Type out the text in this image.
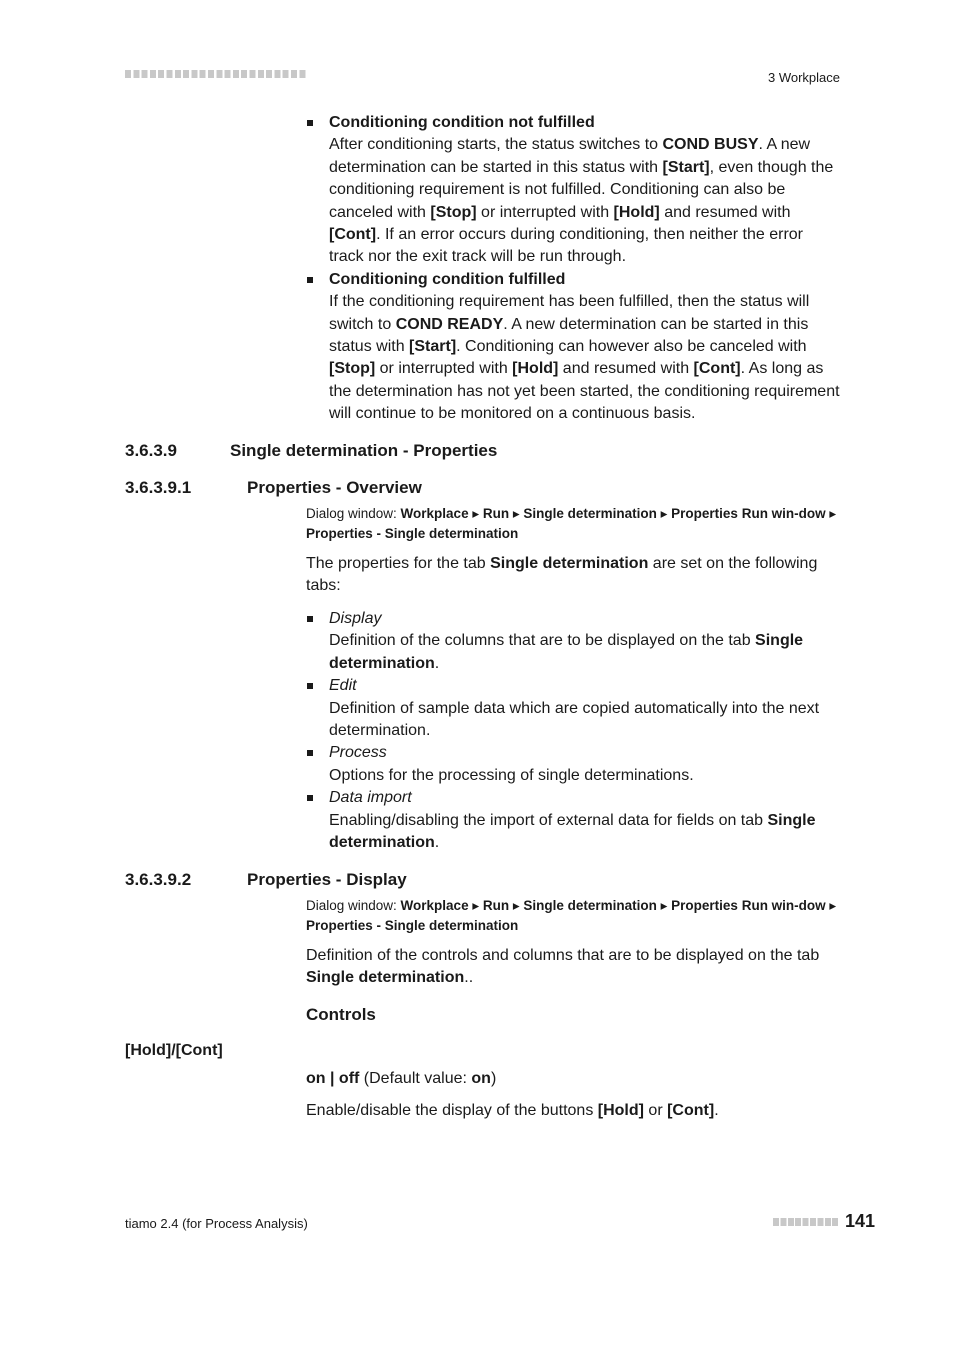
3 Workplace
Conditioning condition not fulfilled
After conditioning starts, the status switches to COND BUSY. A new determination can be started in this status with [Start], even though the conditioning requirement is not fulfilled. Conditioning can also be canceled with [Stop] or interrupted with [Hold] and resumed with [Cont]. If an error occurs during conditioning, then neither the error track nor the exit track will be run through.
Conditioning condition fulfilled
If the conditioning requirement has been fulfilled, then the status will switch to COND READY. A new determination can be started in this status with [Start]. Conditioning can however also be canceled with [Stop] or interrupted with [Hold] and resumed with [Cont]. As long as the determination has not yet been started, the conditioning requirement will continue to be monitored on a continuous basis.
3.6.3.9	Single determination - Properties
3.6.3.9.1	Properties - Overview
Dialog window: Workplace ▸ Run ▸ Single determination ▸ Properties Run win-dow ▸ Properties - Single determination
The properties for the tab Single determination are set on the following tabs:
Display
Definition of the columns that are to be displayed on the tab Single determination.
Edit
Definition of sample data which are copied automatically into the next determination.
Process
Options for the processing of single determinations.
Data import
Enabling/disabling the import of external data for fields on tab Single determination.
3.6.3.9.2	Properties - Display
Dialog window: Workplace ▸ Run ▸ Single determination ▸ Properties Run win-dow ▸ Properties - Single determination
Definition of the controls and columns that are to be displayed on the tab Single determination..
Controls
[Hold]/[Cont]
on | off (Default value: on)
Enable/disable the display of the buttons [Hold] or [Cont].
tiamo 2.4 (for Process Analysis)	141
